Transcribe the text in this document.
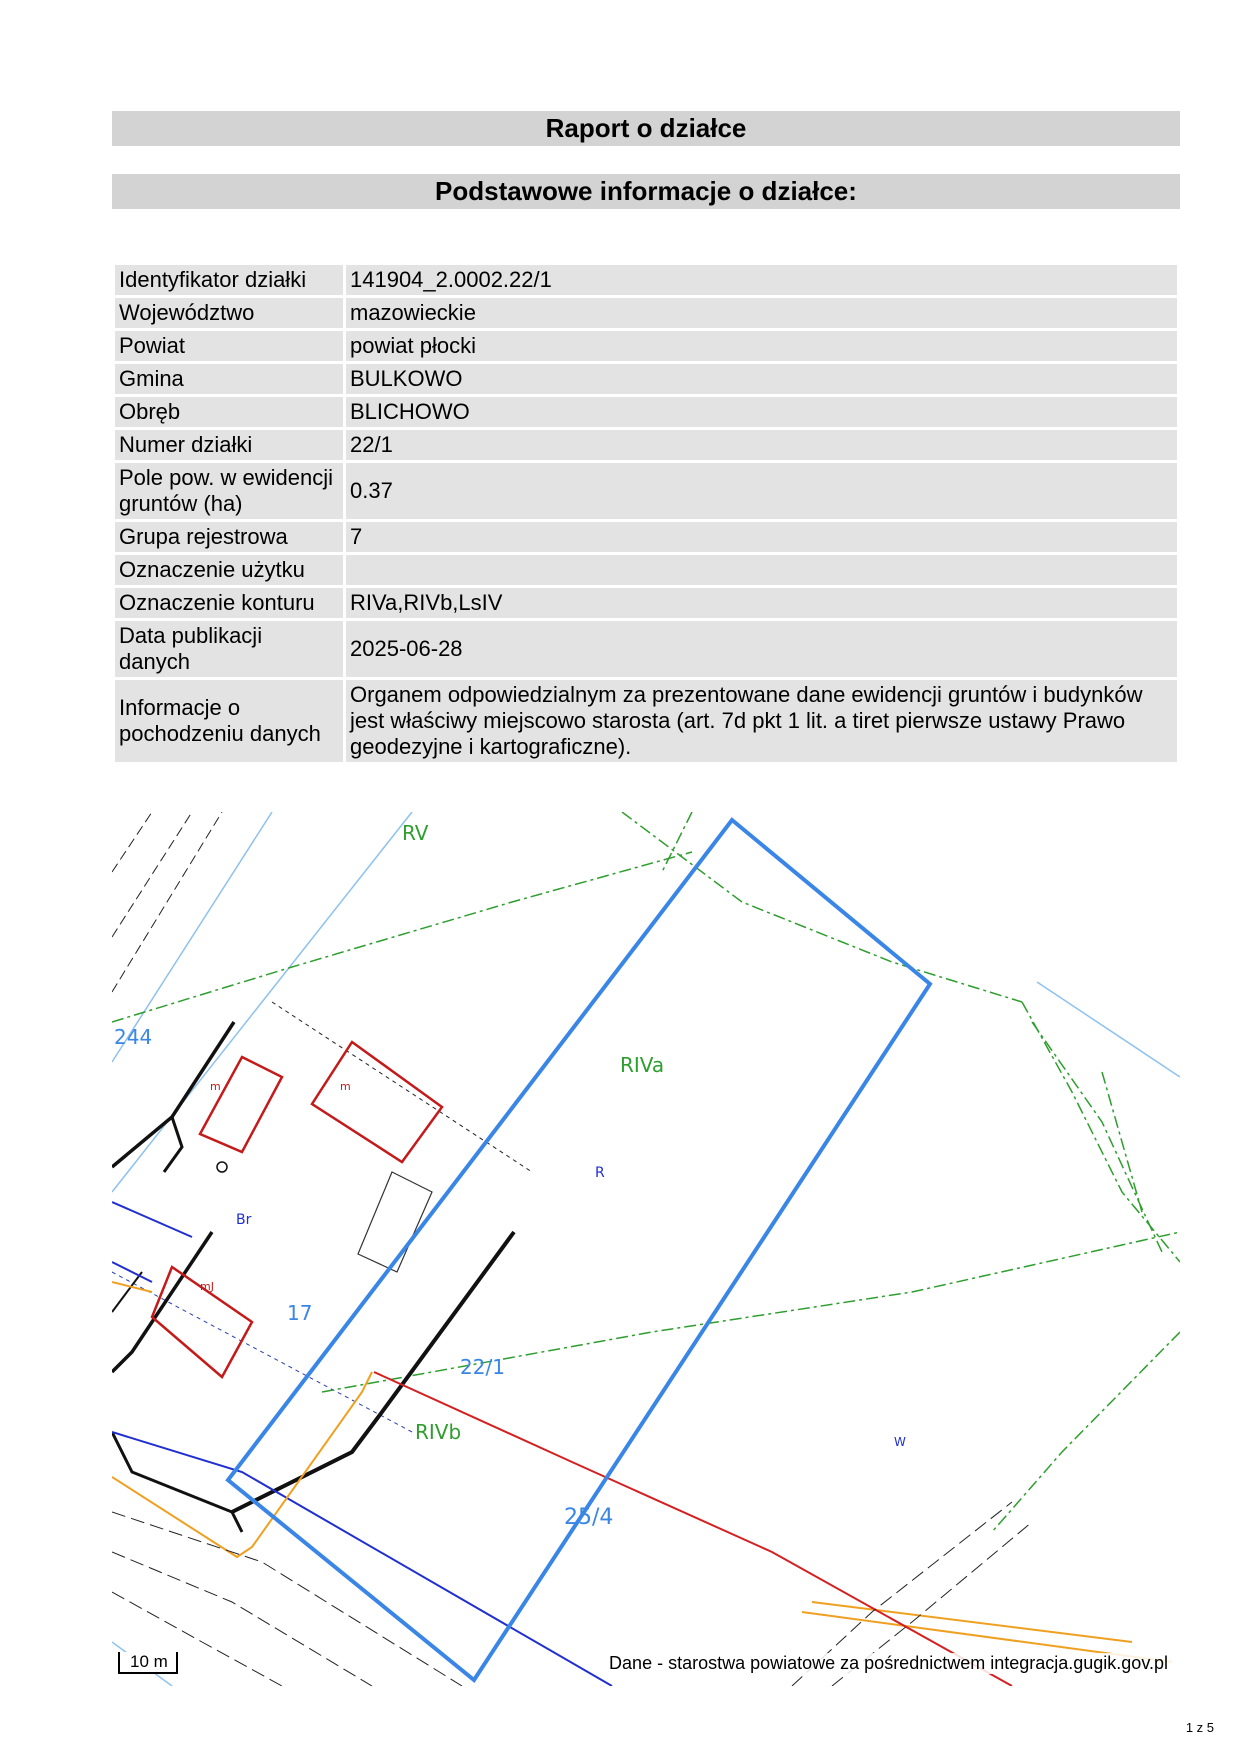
Raport o działce
Podstawowe informacje o działce:
Identyfikator działki	141904_2.0002.22/1
Województwo	mazowieckie
Powiat	powiat płocki
Gmina	BULKOWO
Obręb	BLICHOWO
Numer działki	22/1
Pole pow. w ewidencji gruntów (ha)	0.37
Grupa rejestrowa	7
Oznaczenie użytku	
Oznaczenie konturu	RIVa,RIVb,LsIV
Data publikacji danych	2025-06-28
Informacje o pochodzeniu danych	Organem odpowiedzialnym za prezentowane dane ewidencji gruntów i budynków jest właściwy miejscowo starosta (art. 7d pkt 1 lit. a tiret pierwsze ustawy Prawo geodezyjne i kartograficzne).
RV
244
RIVa
R
Br
17
22/1
RIVb
25/4
m	m
mJ
W
10 m	Dane - starostwa powiatowe za pośrednictwem integracja.gugik.gov.pl
1 z 5
